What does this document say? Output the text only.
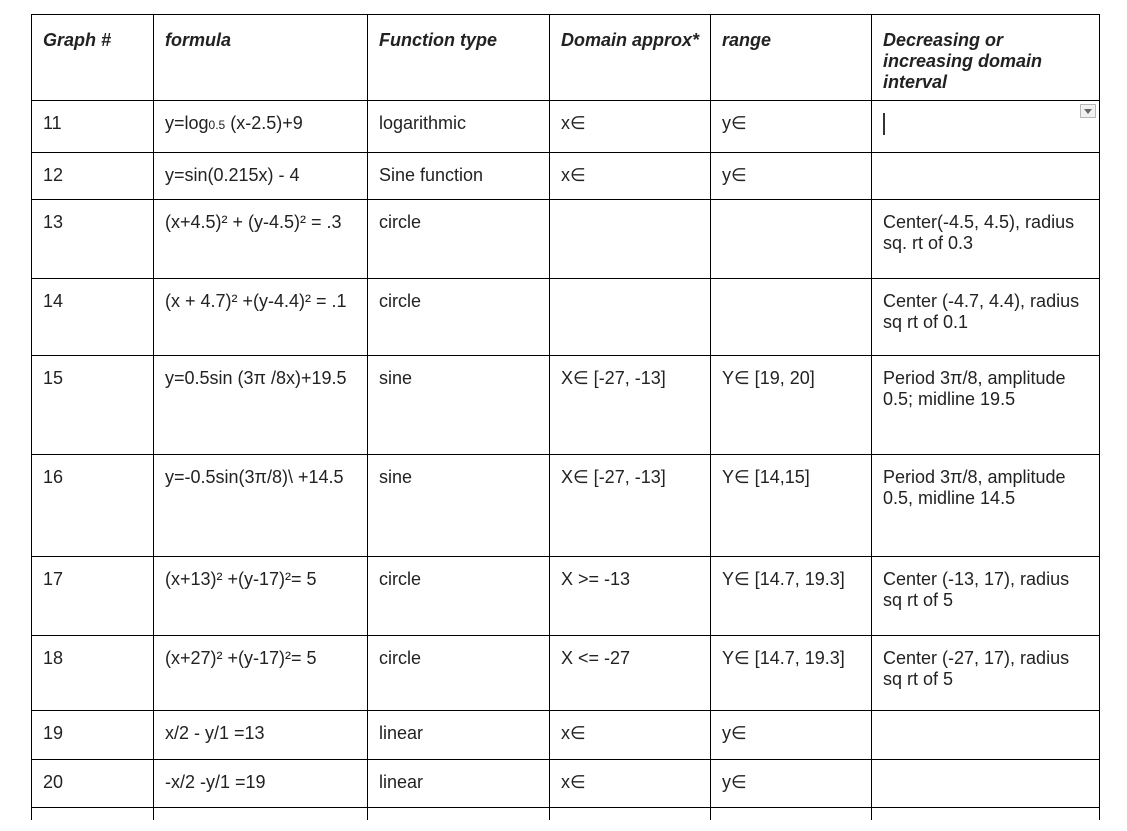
Graph #	formula	Function type	Domain approx*	range	Decreasing or increasing domain interval
11	y=log0.5 (x-2.5)+9	logarithmic	x∈	y∈	

12	y=sin(0.215x) - 4	Sine function	x∈	y∈	
13	(x+4.5)² + (y-4.5)² = .3	circle			Center(-4.5, 4.5), radius sq. rt of 0.3
14	(x + 4.7)² +(y-4.4)² = .1	circle			Center (-4.7, 4.4), radius sq rt of 0.1
15	y=0.5sin (3π /8x)+19.5	sine	X∈ [-27, -13]	Y∈ [19, 20]	Period 3π/8, amplitude 0.5; midline 19.5
16	y=-0.5sin(3π/8)\ +14.5	sine	X∈ [-27, -13]	Y∈ [14,15]	Period 3π/8, amplitude 0.5, midline 14.5
17	(x+13)² +(y-17)²= 5	circle	X >= -13	Y∈ [14.7, 19.3]	Center (-13, 17), radius sq rt of 5
18	(x+27)² +(y-17)²= 5	circle	X <= -27	Y∈ [14.7, 19.3]	Center (-27, 17), radius sq rt of 5
19	x/2 - y/1 =13	linear	x∈	y∈	
20	-x/2 -y/1 =19	linear	x∈	y∈	
